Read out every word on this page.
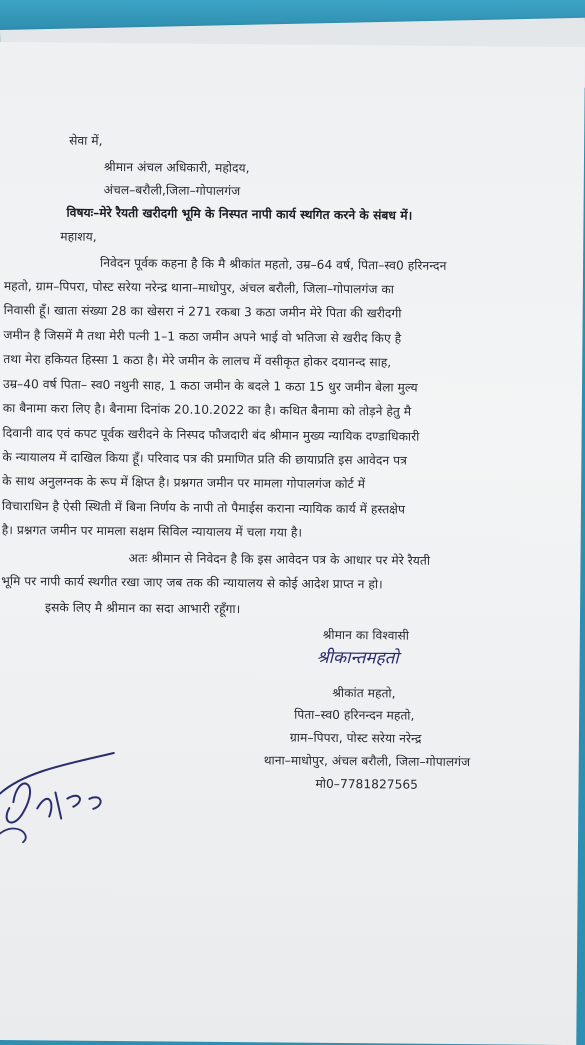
सेवा में,
श्रीमान अंचल अधिकारी, महोदय,
अंचल–बरौली,जिला–गोपालगंज
विषयः–मेरे रैयती खरीदगी भूमि के निस्पत नापी कार्य स्थगित करने के संबध में।
महाशय,
निवेदन पूर्वक कहना है कि मै श्रीकांत महतो, उम्र–64 वर्ष, पिता–स्व0 हरिनन्दन
महतो, ग्राम–पिपरा, पोस्ट सरेया नरेन्द्र थाना–माधोपुर, अंचल बरौली, जिला–गोपालगंज का
निवासी हूँ। खाता संख्या 28 का खेसरा नं 271 रकबा 3 कठा जमीन मेरे पिता की खरीदगी
जमीन है जिसमें मै तथा मेरी पत्नी 1–1 कठा जमीन अपने भाई वो भतिजा से खरीद किए है
तथा मेरा हकियत हिस्सा 1 कठा है। मेरे जमीन के लालच में वसीकृत होकर दयानन्द साह,
उम्र–40 वर्ष पिता– स्व0 नथुनी साह, 1 कठा जमीन के बदले 1 कठा 15 धुर जमीन बेला मुल्य
का बैनामा करा लिए है। बैनामा दिनांक 20.10.2022 का है। कथित बैनामा को तोड़ने हेतु मै
दिवानी वाद एवं कपट पूर्वक खरीदने के निस्पद फौजदारी बंद श्रीमान मुख्य न्यायिक दण्डाधिकारी
के न्यायालय में दाखिल किया हूँ। परिवाद पत्र की प्रमाणित प्रति की छायाप्रति इस आवेदन पत्र
के साथ अनुलग्नक के रूप में क्षिप्त है। प्रश्नगत जमीन पर मामला गोपालगंज कोर्ट में
विचाराधिन है ऐसी स्थिती में बिना निर्णय के नापी तो पैमाईस कराना न्यायिक कार्य में हस्तक्षेप
है। प्रश्नगत जमीन पर मामला सक्षम सिविल न्यायालय में चला गया है।
अतः श्रीमान से निवेदन है कि इस आवेदन पत्र के आधार पर मेरे रैयती
भूमि पर नापी कार्य स्थगीत रखा जाए जब तक की न्यायालय से कोई आदेश प्राप्त न हो।
इसके लिए मै श्रीमान का सदा आभारी रहूँगा।
श्रीमान का विश्वासी
श्रीकान्तमहतो
श्रीकांत महतो,
पिता–स्व0 हरिनन्दन महतो,
ग्राम–पिपरा, पोस्ट सरेया नरेन्द्र
थाना–माधोपुर, अंचल बरौली, जिला–गोपालगंज
मो0–7781827565
